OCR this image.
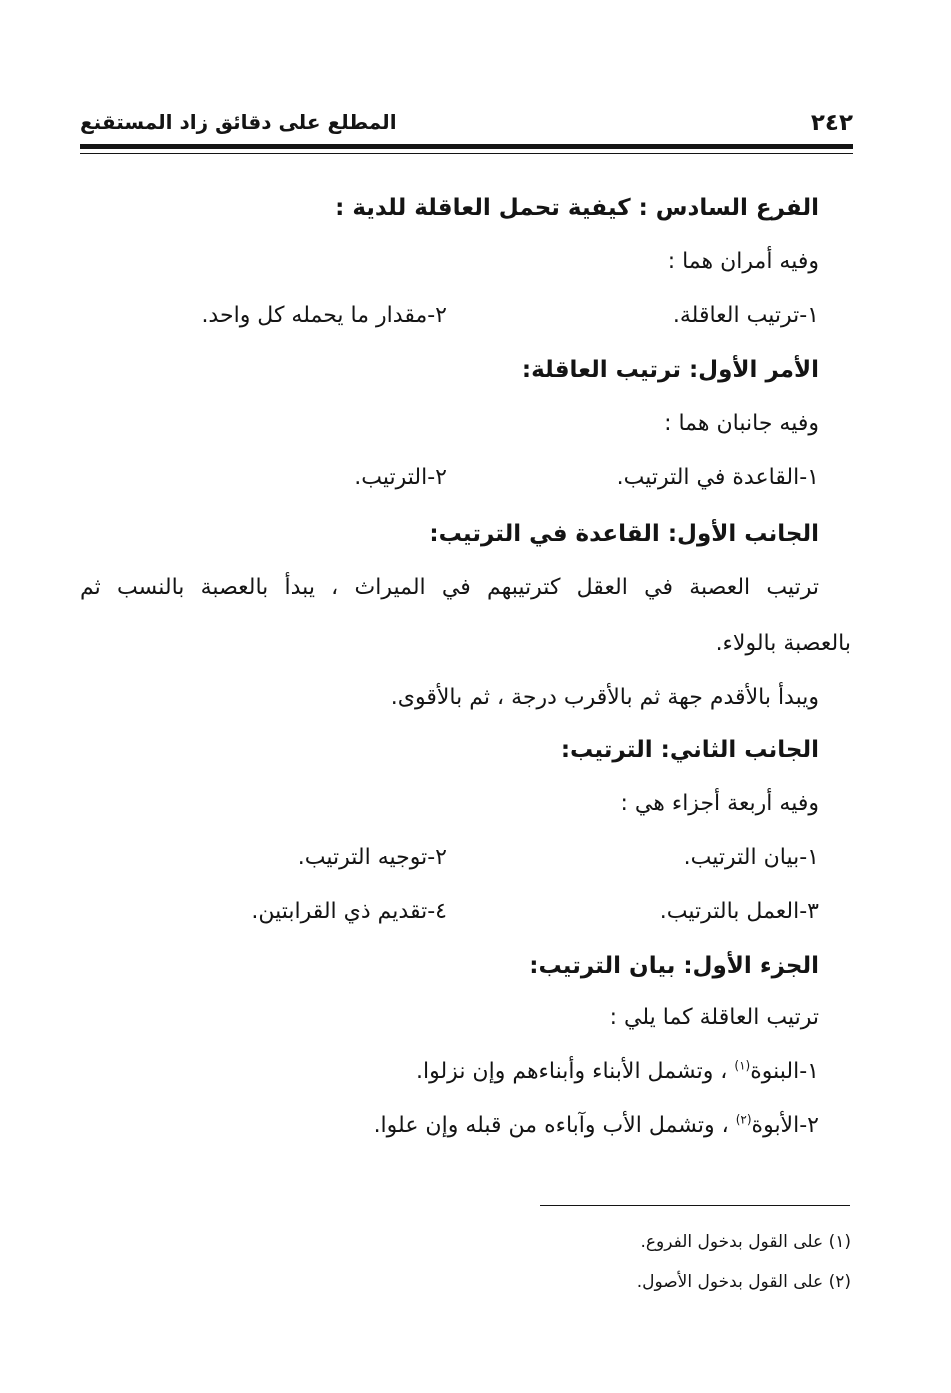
٢٤٢
المطلع على دقائق زاد المستقنع
الفرع السادس : كيفية تحمل العاقلة للدية :
وفيه أمران هما :
١-ترتيب العاقلة.
٢-مقدار ما يحمله كل واحد.
الأمر الأول: ترتيب العاقلة:
وفيه جانبان هما :
١-القاعدة في الترتيب.
٢-الترتيب.
الجانب الأول: القاعدة في الترتيب:
ترتيب العصبة في العقل كترتيبهم في الميراث ، يبدأ بالعصبة بالنسب ثم
بالعصبة بالولاء.
ويبدأ بالأقدم جهة ثم بالأقرب درجة ، ثم بالأقوى.
الجانب الثاني: الترتيب:
وفيه أربعة أجزاء هي :
١-بيان الترتيب.
٢-توجيه الترتيب.
٣-العمل بالترتيب.
٤-تقديم ذي القرابتين.
الجزء الأول: بيان الترتيب:
ترتيب العاقلة كما يلي :
١-البنوة$^{(١)}$ ، وتشمل الأبناء وأبناءهم وإن نزلوا.
٢-الأبوة$^{(٢)}$ ، وتشمل الأب وآباءه من قبله وإن علوا.
(١) على القول بدخول الفروع.
(٢) على القول بدخول الأصول.
